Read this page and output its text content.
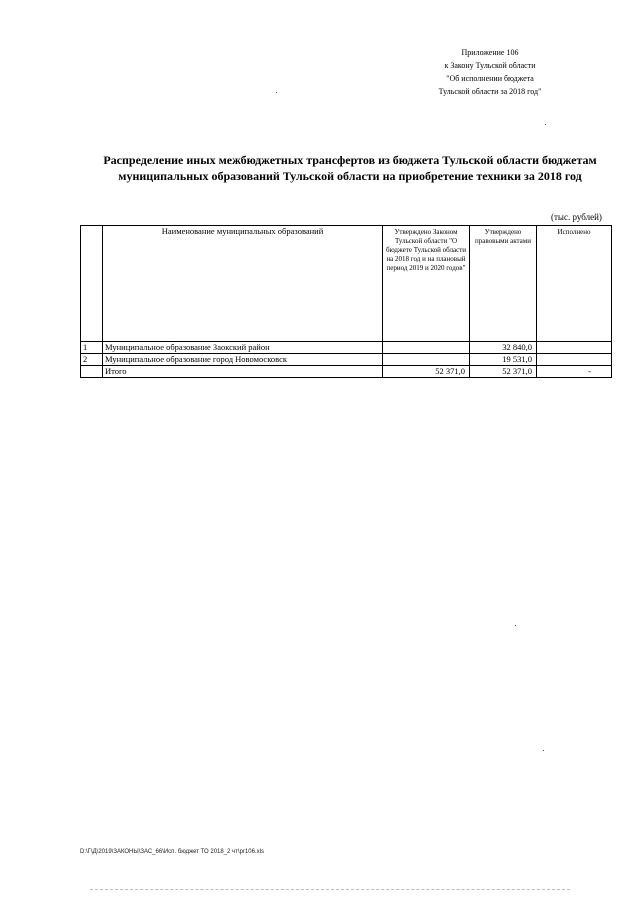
Приложение 106
к Закону Тульской области
"Об исполнении бюджета
Тульской области за 2018 год"
Распределение иных межбюджетных трансфертов из бюджета Тульской области бюджетам
муниципальных образований Тульской области на приобретение техники за 2018 год
(тыс. рублей)
	Наименование муниципальных образований	Утверждено Законом Тульской области "О бюджете Тульской области на 2018 год и на плановый период 2019 и 2020 годов"	Утверждено правовыми актами	Исполнено
1	Муниципальное образование Заокский район		32 840,0	
2	Муниципальное образование город Новомосковск		19 531,0	
	Итого	52 371,0	52 371,0	-
D:\Г\Д\2019\ЗАКОНЫ\ЗАС_66\Исп. бюджет ТО 2018_2 чт\pr106.xls
